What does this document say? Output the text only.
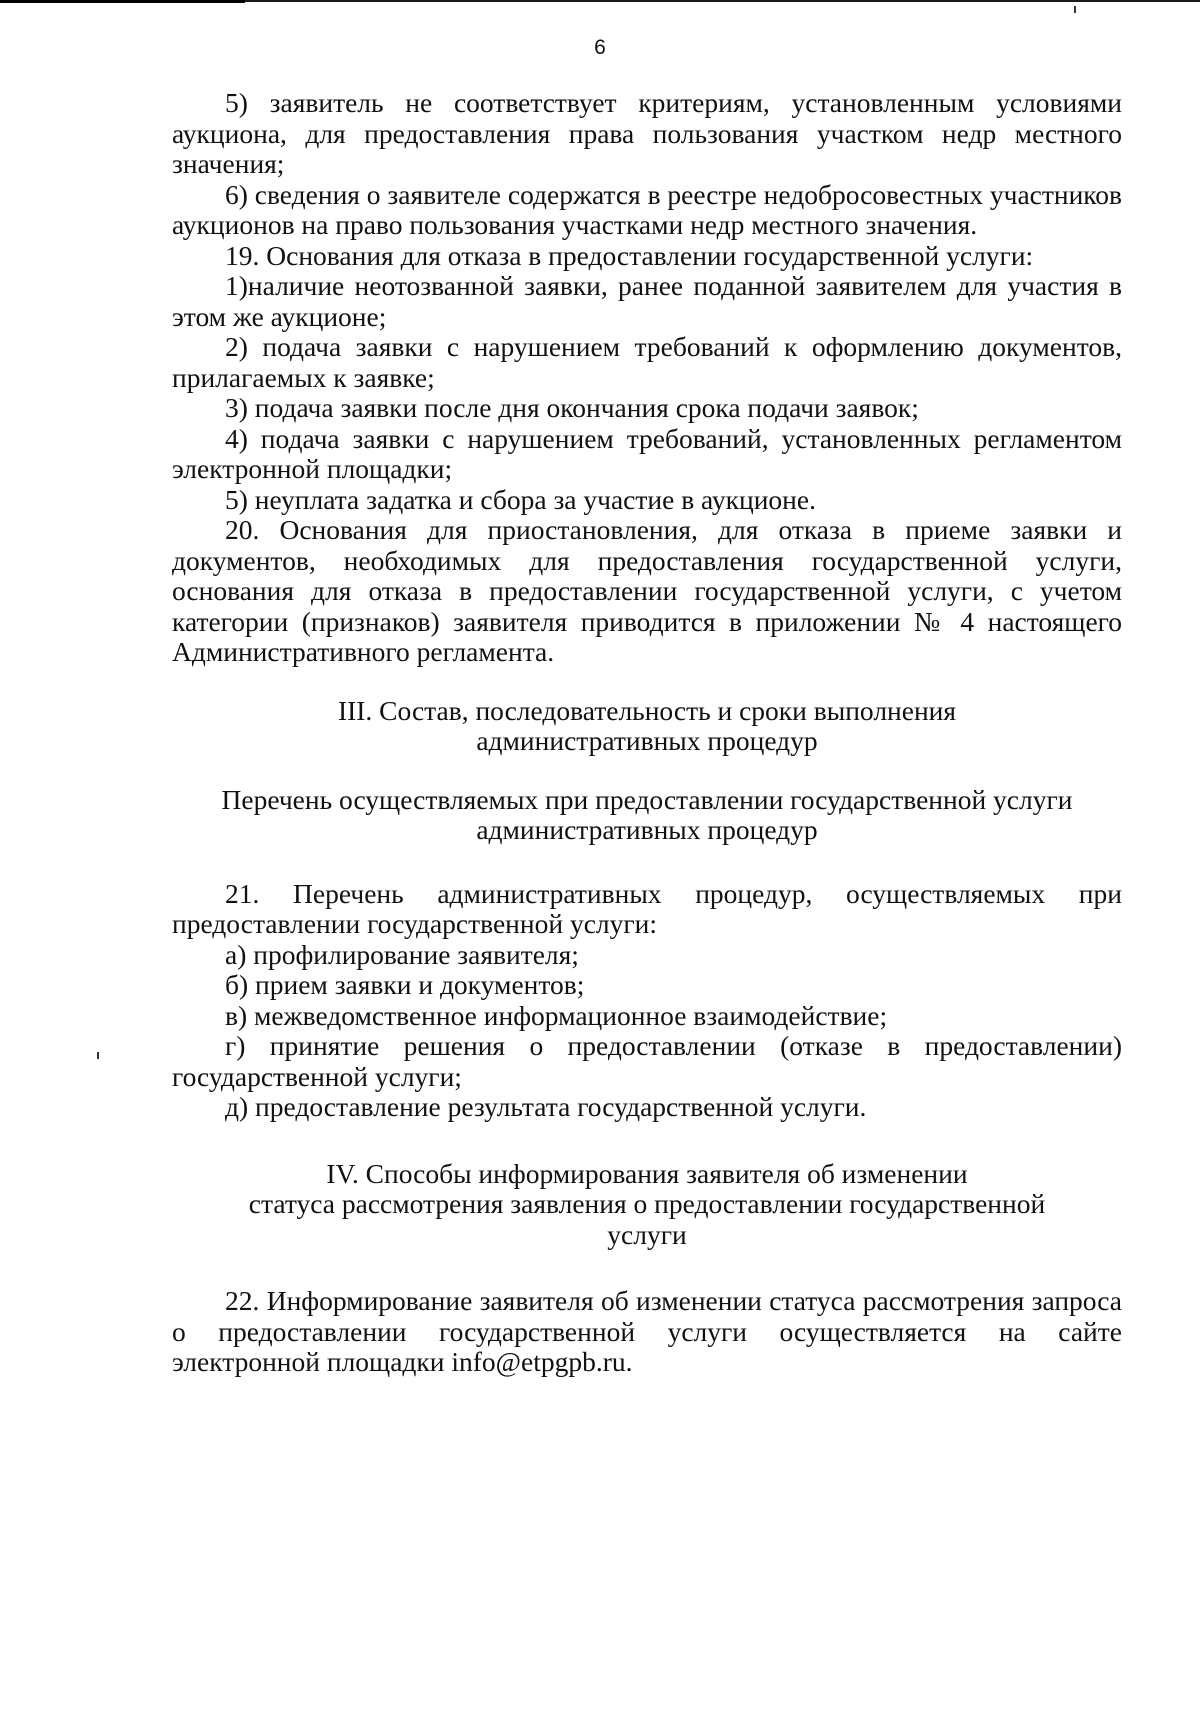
6

5) заявитель не соответствует критериям, установленным условиями аукциона, для предоставления права пользования участком недр местного значения;

6) сведения о заявителе содержатся в реестре недобросовестных участников аукционов на право пользования участками недр местного значения.

19. Основания для отказа в предоставлении государственной услуги:

1)наличие неотозванной заявки, ранее поданной заявителем для участия в этом же аукционе;

2) подача заявки с нарушением требований к оформлению документов, прилагаемых к заявке;

3) подача заявки после дня окончания срока подачи заявок;

4) подача заявки с нарушением требований, установленных регламентом электронной площадки;

5) неуплата задатка и сбора за участие в аукционе.

20. Основания для приостановления, для отказа в приеме заявки и документов, необходимых для предоставления государственной услуги, основания для отказа в предоставлении государственной услуги, с учетом категории (признаков) заявителя приводится в приложении № 4 настоящего Административного регламента.

III. Состав, последовательность и сроки выполнения
административных процедур
Перечень осуществляемых при предоставлении государственной услуги
административных процедур

21. Перечень административных процедур, осуществляемых при предоставлении государственной услуги:

а) профилирование заявителя;

б) прием заявки и документов;

в) межведомственное информационное взаимодействие;

г) принятие решения о предоставлении (отказе в предоставлении) государственной услуги;

д) предоставление результата государственной услуги.

IV. Способы информирования заявителя об изменении
статуса рассмотрения заявления о предоставлении государственной
услуги

22. Информирование заявителя об изменении статуса рассмотрения запроса о предоставлении государственной услуги осуществляется на сайте электронной площадки info@etpgpb.ru.
